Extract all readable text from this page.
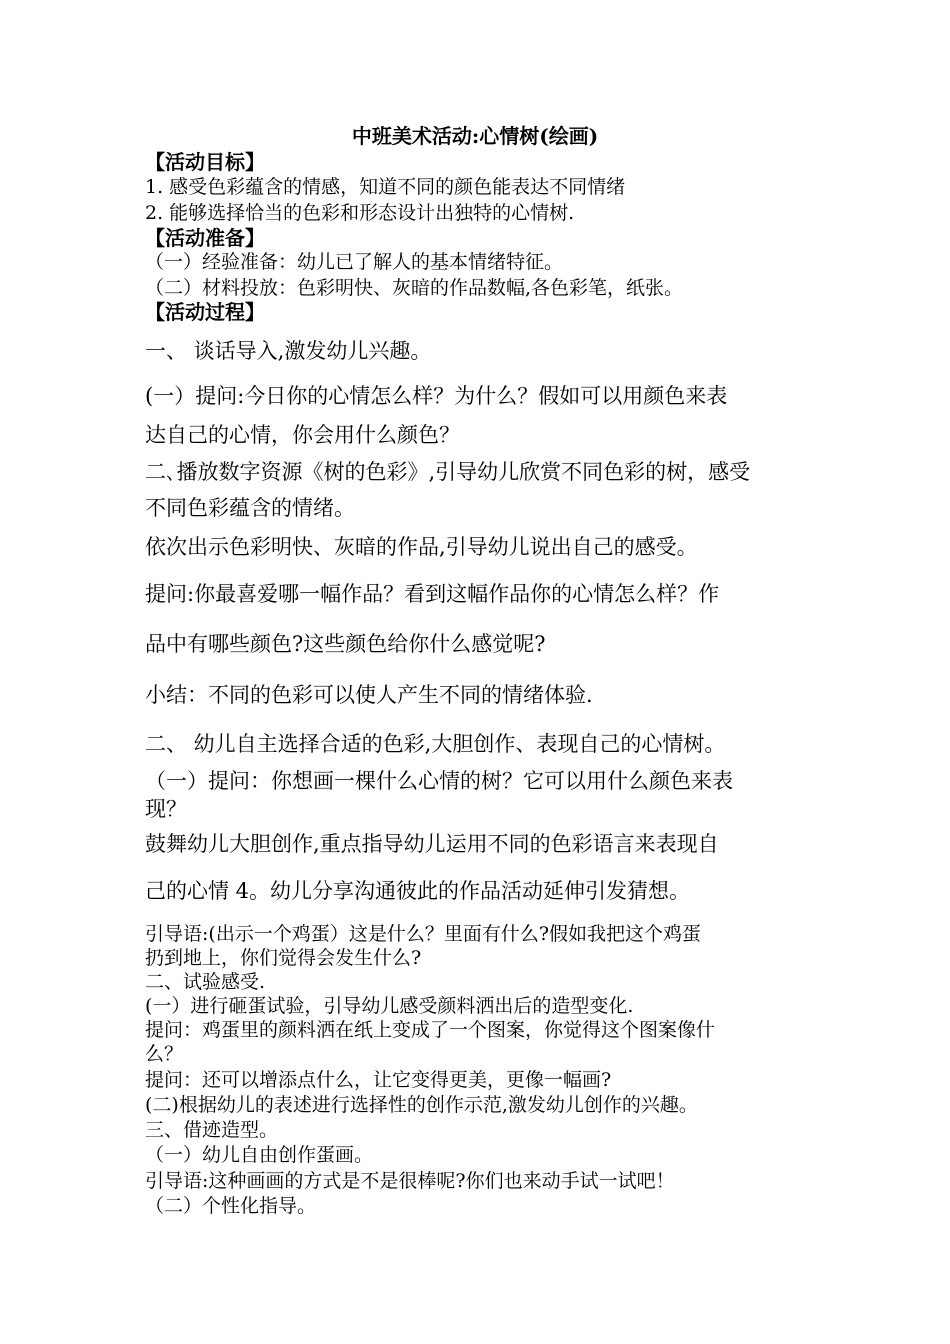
中班美术活动:心情树(绘画)
【活动目标】
1. 感受色彩蕴含的情感，知道不同的颜色能表达不同情绪
2. 能够选择恰当的色彩和形态设计出独特的心情树.
【活动准备】
（一）经验准备：幼儿已了解人的基本情绪特征。
（二）材料投放：色彩明快、灰暗的作品数幅,各色彩笔，纸张。
【活动过程】
一、 谈话导入,激发幼儿兴趣。
(一）提问:今日你的心情怎么样？为什么？假如可以用颜色来表
达自己的心情，你会用什么颜色？
二､播放数字资源《树的色彩》,引导幼儿欣赏不同色彩的树，感受
不同色彩蕴含的情绪。
依次出示色彩明快、灰暗的作品,引导幼儿说出自己的感受。
提问:你最喜爱哪一幅作品？看到这幅作品你的心情怎么样？作
品中有哪些颜色?这些颜色给你什么感觉呢?
小结：不同的色彩可以使人产生不同的情绪体验.
二、 幼儿自主选择合适的色彩,大胆创作、表现自己的心情树。
（一）提问：你想画一棵什么心情的树？它可以用什么颜色来表
现？
鼓舞幼儿大胆创作,重点指导幼儿运用不同的色彩语言来表现自
己的心情 4。幼儿分享沟通彼此的作品活动延伸引发猜想。
引导语:(出示一个鸡蛋）这是什么？里面有什么?假如我把这个鸡蛋
扔到地上，你们觉得会发生什么?
二、试验感受.
(一）进行砸蛋试验，引导幼儿感受颜料洒出后的造型变化.
提问：鸡蛋里的颜料洒在纸上变成了一个图案，你觉得这个图案像什
么？
提问：还可以增添点什么，让它变得更美，更像一幅画?
(二)根据幼儿的表述进行选择性的创作示范,激发幼儿创作的兴趣。
三、借迹造型。
（一）幼儿自由创作蛋画。
引导语:这种画画的方式是不是很棒呢?你们也来动手试一试吧！
（二）个性化指导。
